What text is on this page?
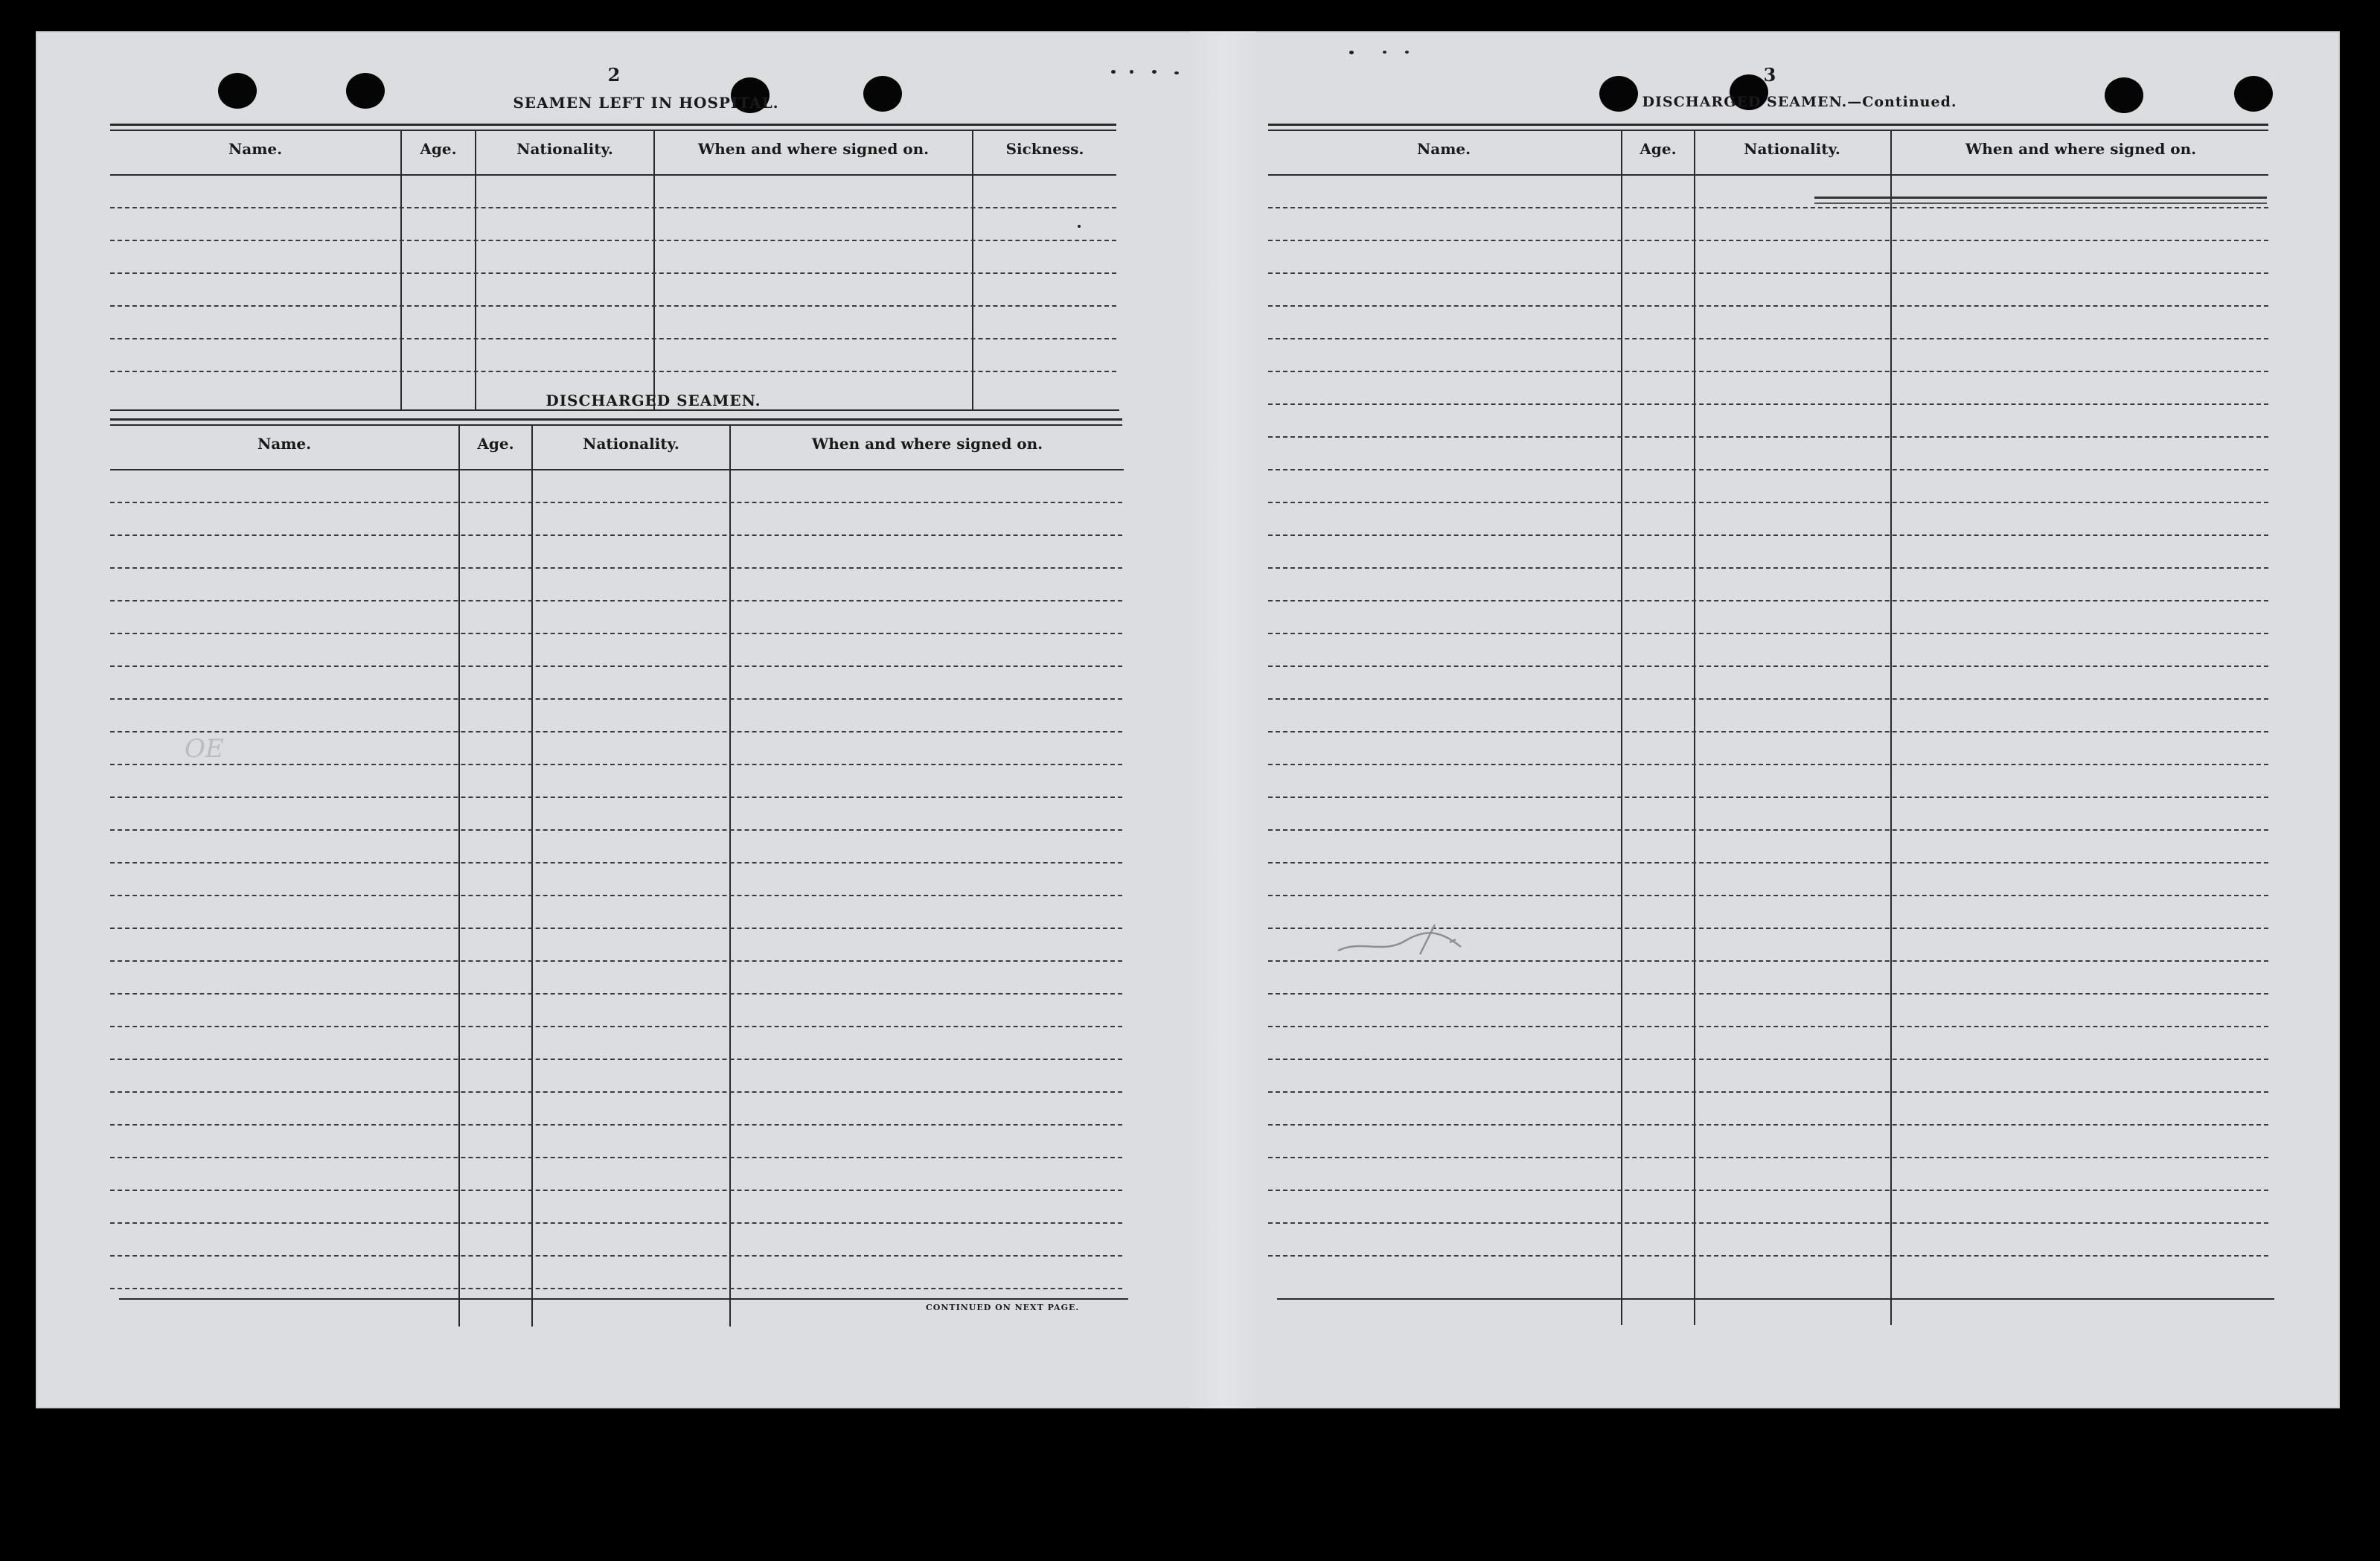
2
SEAMEN LEFT IN HOSPITAL.
Name.	Age.	Nationality.	When and where signed on.	Sickness.
DISCHARGED SEAMEN.
Name.	Age.	Nationality.	When and where signed on.
CONTINUED ON NEXT PAGE.
OE
3
DISCHARGED SEAMEN.—Continued.
Name.	Age.	Nationality.	When and where signed on.
